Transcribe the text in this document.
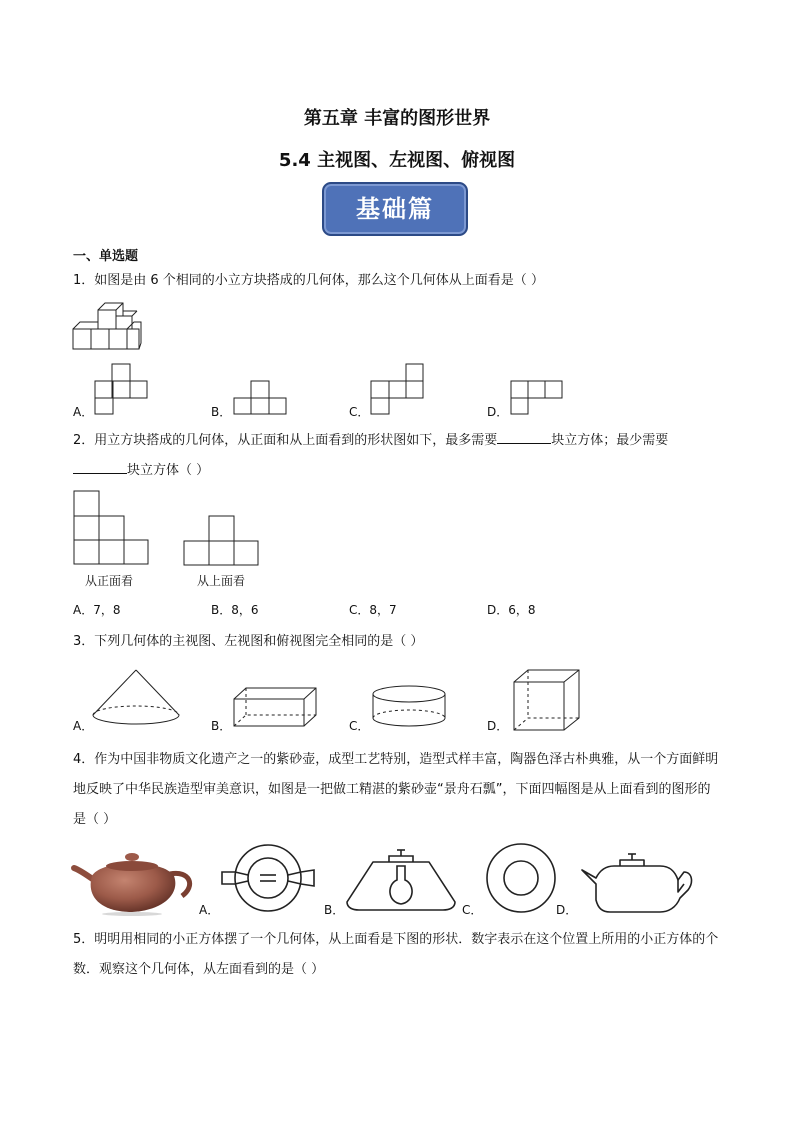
第五章 丰富的图形世界
5.4 主视图、左视图、俯视图
基础篇
一、单选题
1．如图是由 6 个相同的小立方块搭成的几何体，那么这个几何体从上面看是（ ）
A．	B．	C．	D．
2．用立方块搭成的几何体，从正面和从上面看到的形状图如下，最多需要	块立方体；最少需要
块立方体（ ）
从正面看	从上面看
A．7，8	B．8，6	C．8，7	D．6，8
3．下列几何体的主视图、左视图和俯视图完全相同的是（ ）
A．	B．	C．	D．
4．作为中国非物质文化遗产之一的紫砂壶，成型工艺特别，造型式样丰富，陶器色泽古朴典雅，从一个方面鲜明地反映了中华民族造型审美意识，如图是一把做工精湛的紫砂壶“景舟石瓢”，下面四幅图是从上面看到的图形的是（ ）
A．	B．	C．	D．
5．明明用相同的小正方体摆了一个几何体，从上面看是下图的形状．数字表示在这个位置上所用的小正方体的个数．观察这个几何体，从左面看到的是（ ）
